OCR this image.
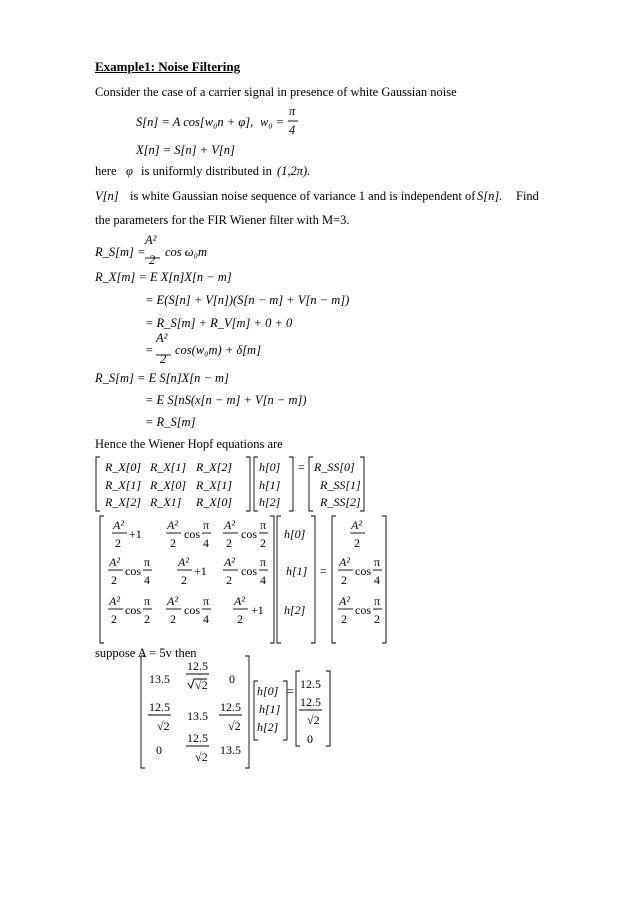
Example1: Noise Filtering
Consider the case of a carrier signal in presence of white Gaussian noise
S[n] = A cos[w₀n + φ], w₀ =
π
4
X[n] = S[n] + V[n]
here φ is uniformly distributed in (1,2π).
V[n] is white Gaussian noise sequence of variance 1 and is independent of S[n]. Find
the parameters for the FIR Wiener filter with M=3.
R_S[m] =
A²
2
cos ω₀m
R_X[m] = E X[n]X[n − m]
= E(S[n] + V[n])(S[n − m] + V[n − m])
= R_S[m] + R_V[m] + 0 + 0
=
A²
2
cos(w₀m) + δ[m]
R_S[m] = E S[n]X[n − m]
= E S[nS(x[n − m] + V[n − m])
= R_S[m]
Hence the Wiener Hopf equations are
R_X[0] R_X[1] R_X[2]
R_X[1] R_X[0] R_X[1]
R_X[2] R_X1] R_X[0]
h[0]
h[1]
h[2]
= R_SS[0]
R_SS[1]
R_SS[2]
A²
2
+1
A²
2
cos
π
4
A²
2
cos
π
2
A²
2
cos
π
4
A²
2
+1
A²
2
cos
π
4
A²
2
cos
π
2
A²
2
cos
π
4
A²
2
+1
h[0]
h[1]
h[2]
=
A²
2
A²
2
cos
π
4
A²
2
cos
π
2
13.5
12.5
√2 0
12.5
√2
13.5
12.5
√2
0
12.5
√2 13.5
h[0]
h[1]
h[2]
= 12.5
12.5
√2
0
suppose A = 5v then
